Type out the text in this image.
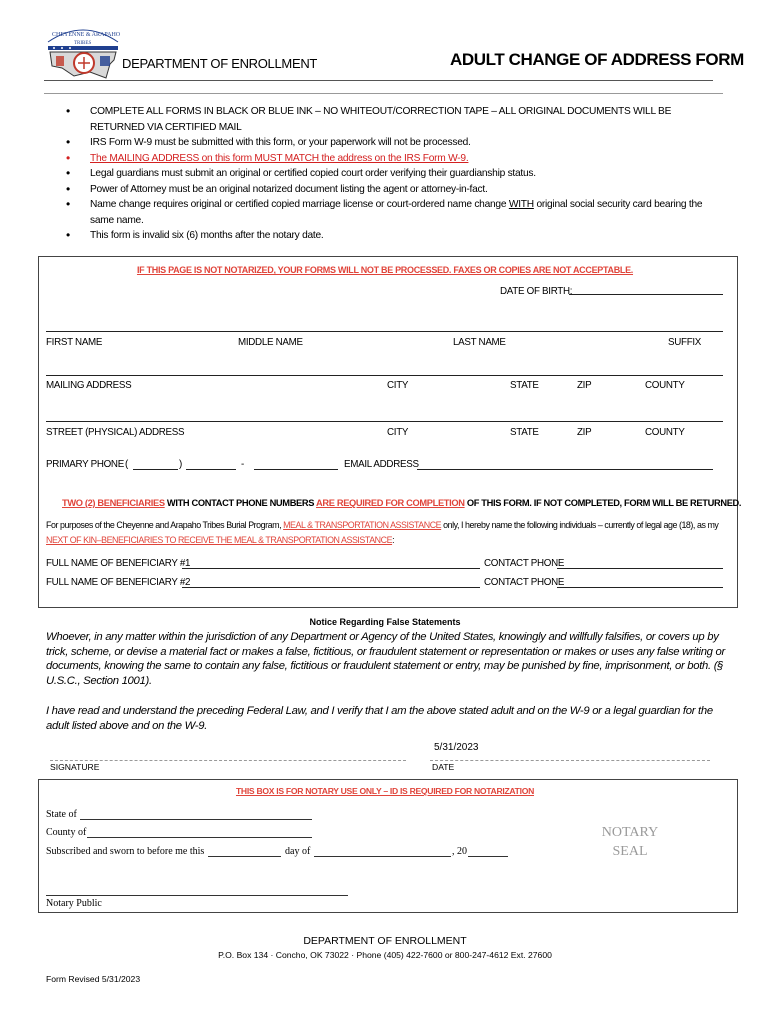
CHEYENNE & ARAPAHO
TRIBES
DEPARTMENT OF ENROLLMENT	ADULT CHANGE OF ADDRESS FORM
• COMPLETE ALL FORMS IN BLACK OR BLUE INK – NO WHITEOUT/CORRECTION TAPE – ALL ORIGINAL DOCUMENTS WILL BE RETURNED VIA CERTIFIED MAIL
• IRS Form W-9 must be submitted with this form, or your paperwork will not be processed.
• The MAILING ADDRESS on this form MUST MATCH the address on the IRS Form W-9.
• Legal guardians must submit an original or certified copied court order verifying their guardianship status.
• Power of Attorney must be an original notarized document listing the agent or attorney-in-fact.
• Name change requires original or certified copied marriage license or court-ordered name change WITH original social security card bearing the same name.
• This form is invalid six (6) months after the notary date.
IF THIS PAGE IS NOT NOTARIZED, YOUR FORMS WILL NOT BE PROCESSED. FAXES OR COPIES ARE NOT ACCEPTABLE.
DATE OF BIRTH:
FIRST NAME	MIDDLE NAME	LAST NAME	SUFFIX
MAILING ADDRESS	CITY	STATE	ZIP	COUNTY
STREET (PHYSICAL) ADDRESS	CITY	STATE	ZIP	COUNTY
PRIMARY PHONE (	)	-	EMAIL ADDRESS
TWO (2) BENEFICIARIES WITH CONTACT PHONE NUMBERS ARE REQUIRED FOR COMPLETION OF THIS FORM. IF NOT COMPLETED, FORM WILL BE RETURNED.
For purposes of the Cheyenne and Arapaho Tribes Burial Program, MEAL & TRANSPORTATION ASSISTANCE only, I hereby name the following individuals – currently of legal age (18), as my NEXT OF KIN–BENEFICIARIES TO RECEIVE THE MEAL & TRANSPORTATION ASSISTANCE:
FULL NAME OF BENEFICIARY #1	CONTACT PHONE
FULL NAME OF BENEFICIARY #2	CONTACT PHONE
Notice Regarding False Statements
Whoever, in any matter within the jurisdiction of any Department or Agency of the United States, knowingly and willfully falsifies, or covers up by trick, scheme, or devise a material fact or makes a false, fictitious, or fraudulent statement or representation or makes or uses any false writing or documents, knowing the same to contain any false, fictitious or fraudulent statement or entry, may be punished by fine, imprisonment, or both. (§ U.S.C., Section 1001).
I have read and understand the preceding Federal Law, and I verify that I am the above stated adult and on the W-9 or a legal guardian for the adult listed above and on the W-9.
5/31/2023
SIGNATURE	DATE
THIS BOX IS FOR NOTARY USE ONLY – ID IS REQUIRED FOR NOTARIZATION
State of
County of
Subscribed and sworn to before me this	day of	, 20
NOTARY
SEAL
Notary Public
DEPARTMENT OF ENROLLMENT
P.O. Box 134 · Concho, OK 73022 · Phone (405) 422-7600 or 800-247-4612 Ext. 27600
Form Revised 5/31/2023
